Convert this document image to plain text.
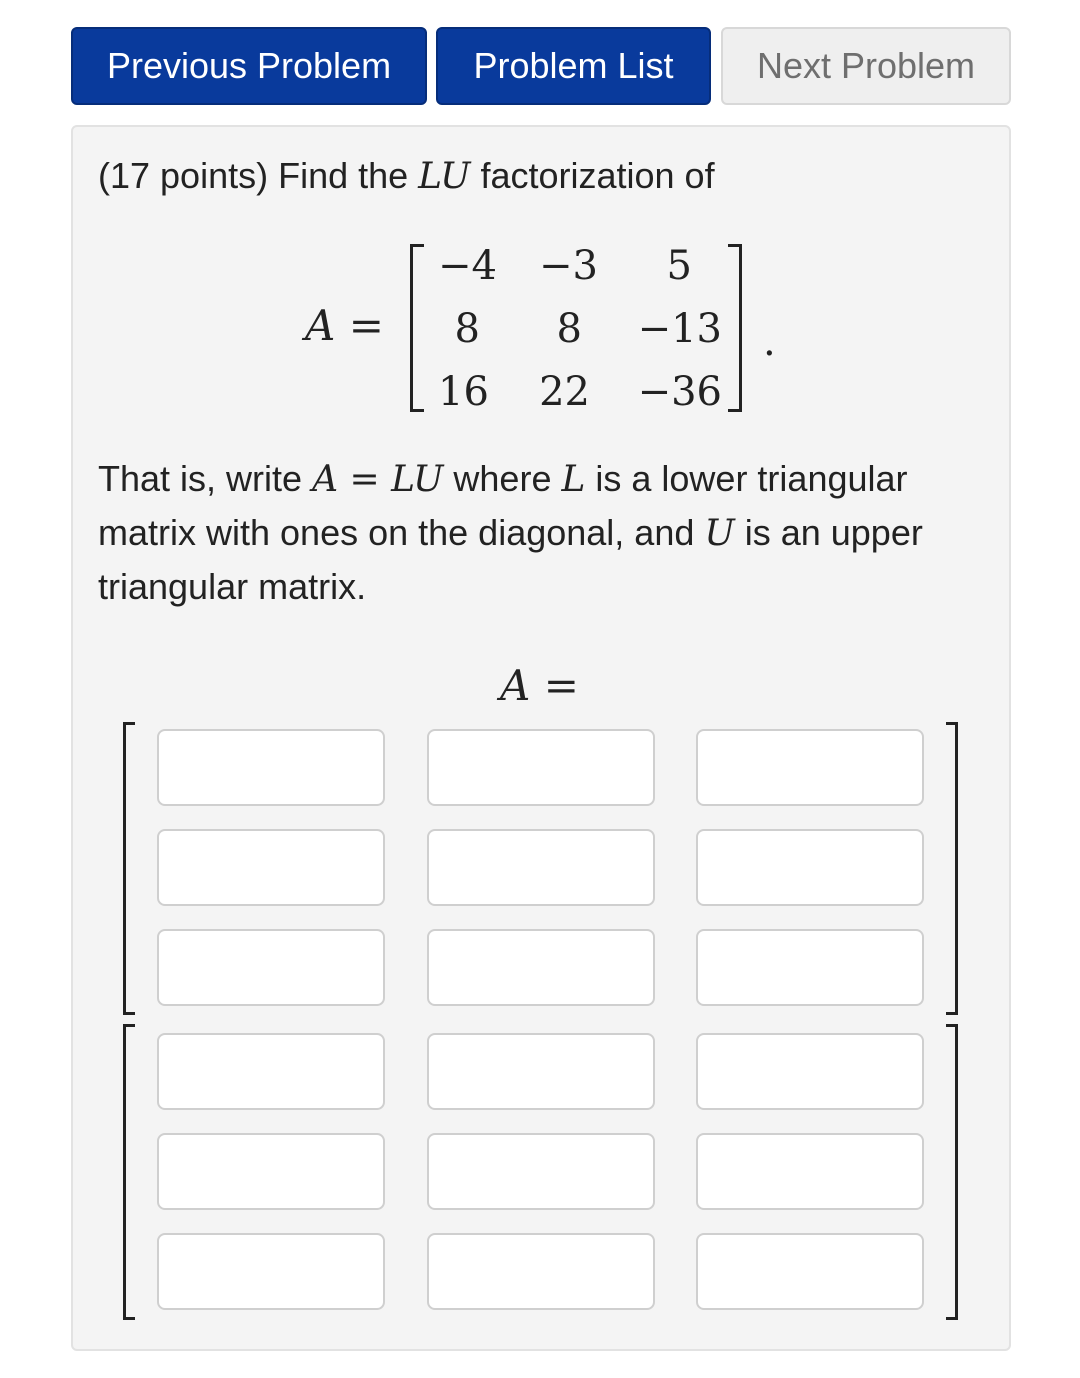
Previous Problem	Problem List	Next Problem
(17 points) Find the LU factorization of
A =
−4 −3	5
8	8 −13
16 22 −36
.
That is, write A = LU where L is a lower triangular matrix with ones on the diagonal, and U is an upper triangular matrix.
A =
